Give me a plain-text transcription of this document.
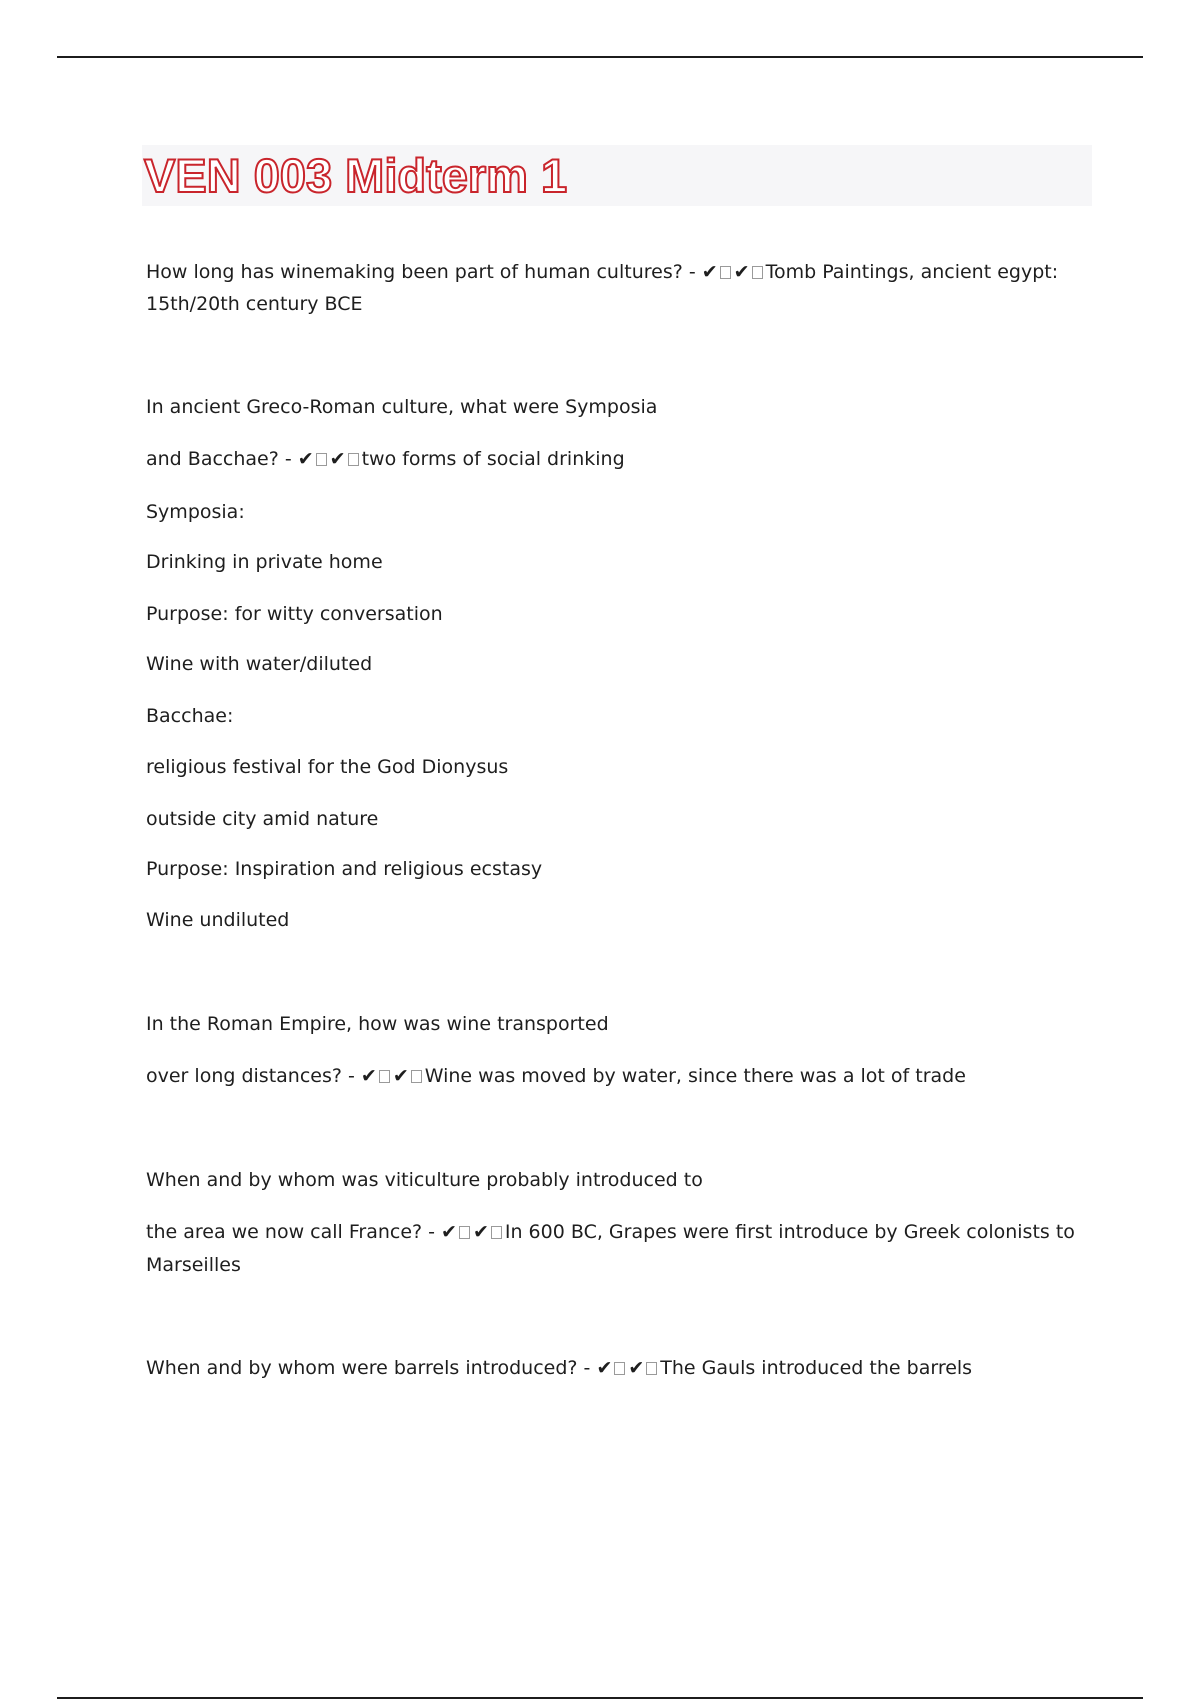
VEN 003 Midterm 1
How long has winemaking been part of human cultures? - ✔ ✔ Tomb Paintings, ancient egypt:
15th/20th century BCE
In ancient Greco-Roman culture, what were Symposia
and Bacchae? - ✔ ✔ two forms of social drinking
Symposia:
Drinking in private home
Purpose: for witty conversation
Wine with water/diluted
Bacchae:
religious festival for the God Dionysus
outside city amid nature
Purpose: Inspiration and religious ecstasy
Wine undiluted
In the Roman Empire, how was wine transported
over long distances? - ✔ ✔ Wine was moved by water, since there was a lot of trade
When and by whom was viticulture probably introduced to
the area we now call France? - ✔ ✔ In 600 BC, Grapes were first introduce by Greek colonists to
Marseilles
When and by whom were barrels introduced? - ✔ ✔ The Gauls introduced the barrels
